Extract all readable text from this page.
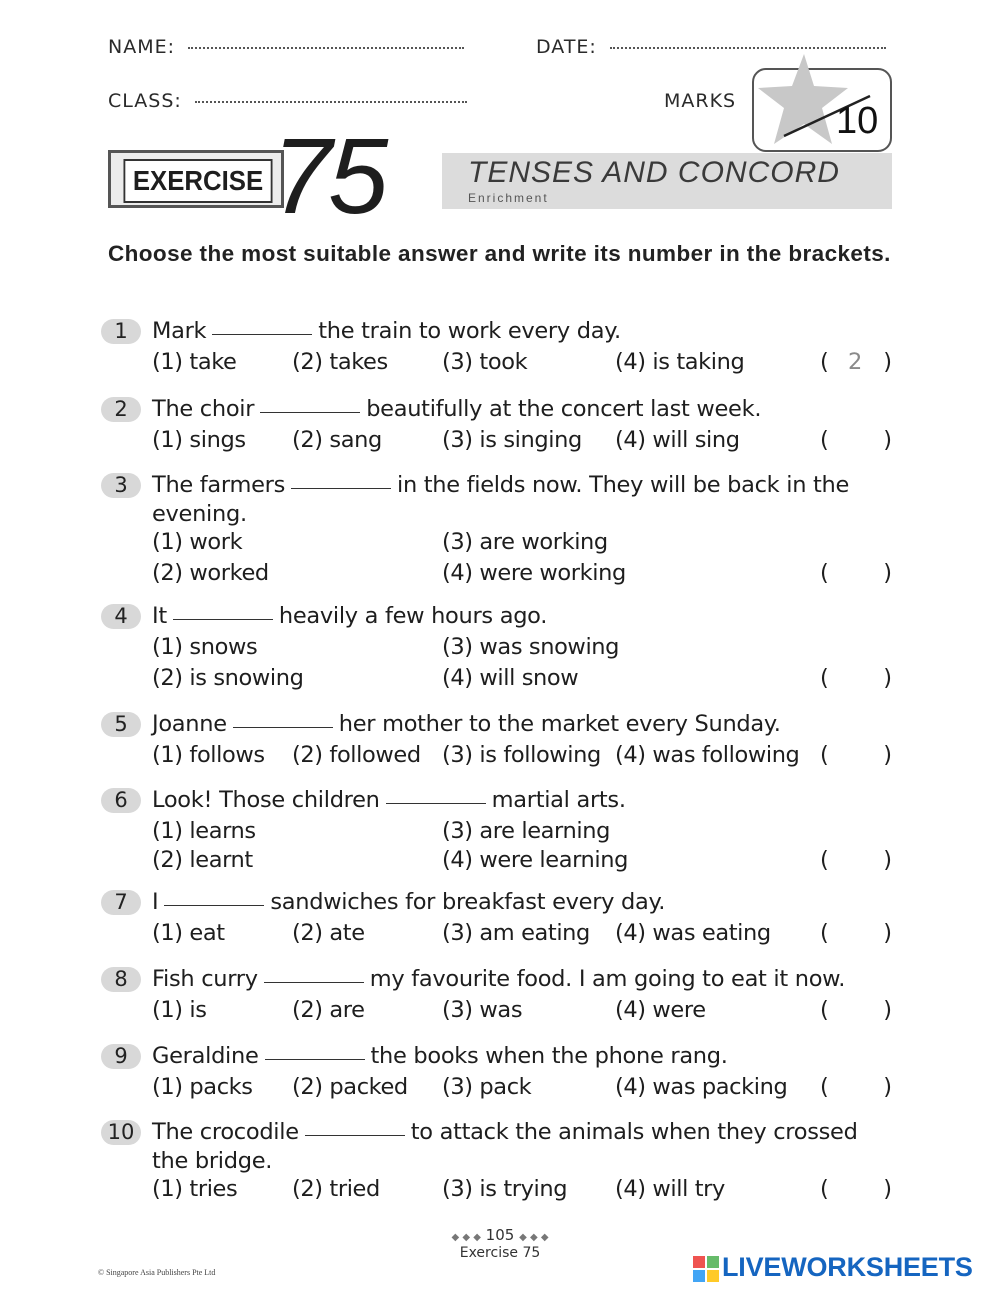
NAME:	DATE:
CLASS:	MARKS	10
EXERCISE 75	TENSES AND CONCORD
Enrichment
Choose the most suitable answer and write its number in the brackets.
1	Mark	the train to work every day.
(1) take (2) takes (3) took	(4) is taking	( 2 )
2	The choir	beautifully at the concert last week.
(1) sings (2) sang	(3) is singing (4) will sing	( )
3	The farmers	in the fields now. They will be back in the
evening.
(1) work	(3) are working
(2) worked	(4) were working	( )
4	It	heavily a few hours ago.
(1) snows	(3) was snowing
(2) is snowing	(4) will snow	( )
5	Joanne	her mother to the market every Sunday.
(1) follows (2) followed (3) is following (4) was following ( )
6	Look! Those children	martial arts.
(1) learns	(3) are learning
(2) learnt	(4) were learning	( )
7	I	sandwiches for breakfast every day.
(1) eat	(2) ate	(3) am eating (4) was eating ( )
8	Fish curry	my favourite food. I am going to eat it now.
(1) is	(2) are	(3) was	(4) were	( )
9	Geraldine	the books when the phone rang.
(1) packs (2) packed (3) pack	(4) was packing ( )
10 The crocodile	to attack the animals when they crossed
the bridge.
(1) tries (2) tried	(3) is trying (4) will try	( )
◆ ◆ ◆ 105 ◆ ◆ ◆
Exercise 75
© Singapore Asia Publishers Pte Ltd	LIVEWORKSHEETS
